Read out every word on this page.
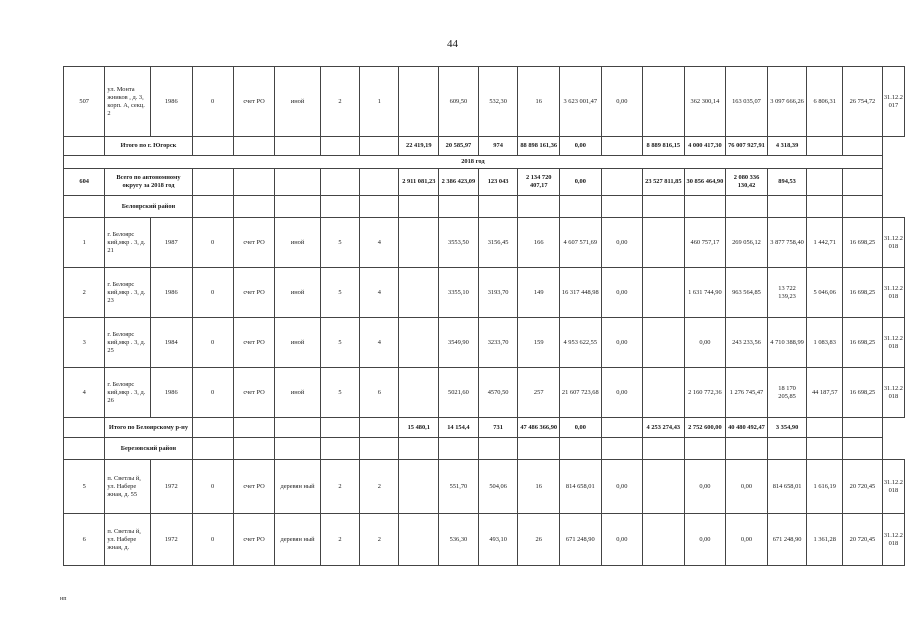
44
507	ул. Монта жников , д. 3, корп. А, секц. 2	1986	0	счет РО	иной	2	1		609,50	532,30	16	3 623 001,47	0,00		362 300,14	163 035,07	3 097 666,26	6 806,31	26 754,72	31.12.2 017
	Итого по г. Югорск							22 419,19	20 585,97	974	88 898 161,36	0,00		8 889 816,15	4 000 417,30	76 007 927,91	4 318,39			
2018 год																				
604	Всего по автономному округу за 2018 год							2 911 081,23	2 386 423,09	123 043	2 134 720 407,17	0,00		23 527 811,85	30 856 464,90	2 080 336 130,42	894,53			
	Белоярский район																			
1	г. Белоярс кий,мкр . 3, д. 21	1987	0	счет РО	иной	5	4		3553,50	3156,45	166	4 607 571,69	0,00		460 757,17	269 056,12	3 877 758,40	1 442,71	16 698,25	31.12.2 018
2	г. Белоярс кий,мкр . 3, д. 23	1986	0	счет РО	иной	5	4		3355,10	3193,70	149	16 317 448,98	0,00		1 631 744,90	963 564,85	13 722 139,23	5 046,06	16 698,25	31.12.2 018
3	г. Белоярс кий,мкр . 3, д. 25	1984	0	счет РО	иной	5	4		3549,90	3233,70	159	4 953 622,55	0,00		0,00	243 233,56	4 710 388,99	1 083,83	16 698,25	31.12.2 018
4	г. Белоярс кий,мкр . 3, д. 26	1986	0	счет РО	иной	5	6		5021,60	4570,50	257	21 607 723,68	0,00		2 160 772,36	1 276 745,47	18 170 205,85	44 187,57	16 698,25	31.12.2 018
	Итого по Белоярскому р-ну							15 480,1	14 154,4	731	47 486 366,90	0,00		4 253 274,43	2 752 600,00	40 480 492,47	3 354,90			
	Березовский район																			
5	п. Светлы й, ул. Набере жная, д. 55	1972	0	счет РО	деревян ный	2	2		551,70	504,06	16	814 658,01	0,00		0,00	0,00	814 658,01	1 616,19	20 720,45	31.12.2 018
6	п. Светлы й, ул. Набере жная, д.	1972	0	счет РО	деревян ный	2	2		536,30	493,10	26	671 248,90	0,00		0,00	0,00	671 248,90	1 361,28	20 720,45	31.12.2 018
нп
